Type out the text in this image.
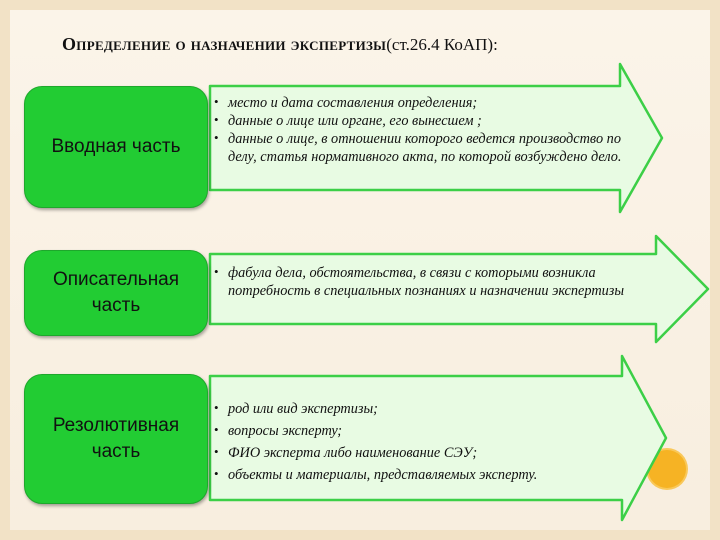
Определение о назначении экспертизы(ст.26.4 КоАП):
• место и дата составления определения;
• данные о лице или органе, его вынесшем ;
• данные о лице, в отношении которого ведется производство по делу, статья нормативного акта, по которой возбуждено дело.
Вводная часть
• фабула дела, обстоятельства, в связи с которыми возникла потребность в специальных познаниях и назначении экспертизы
Описательная
часть
• род или вид экспертизы;
• вопросы эксперту;
• ФИО эксперта либо наименование СЭУ;
• объекты и материалы, представляемых эксперту.
Резолютивная
часть
